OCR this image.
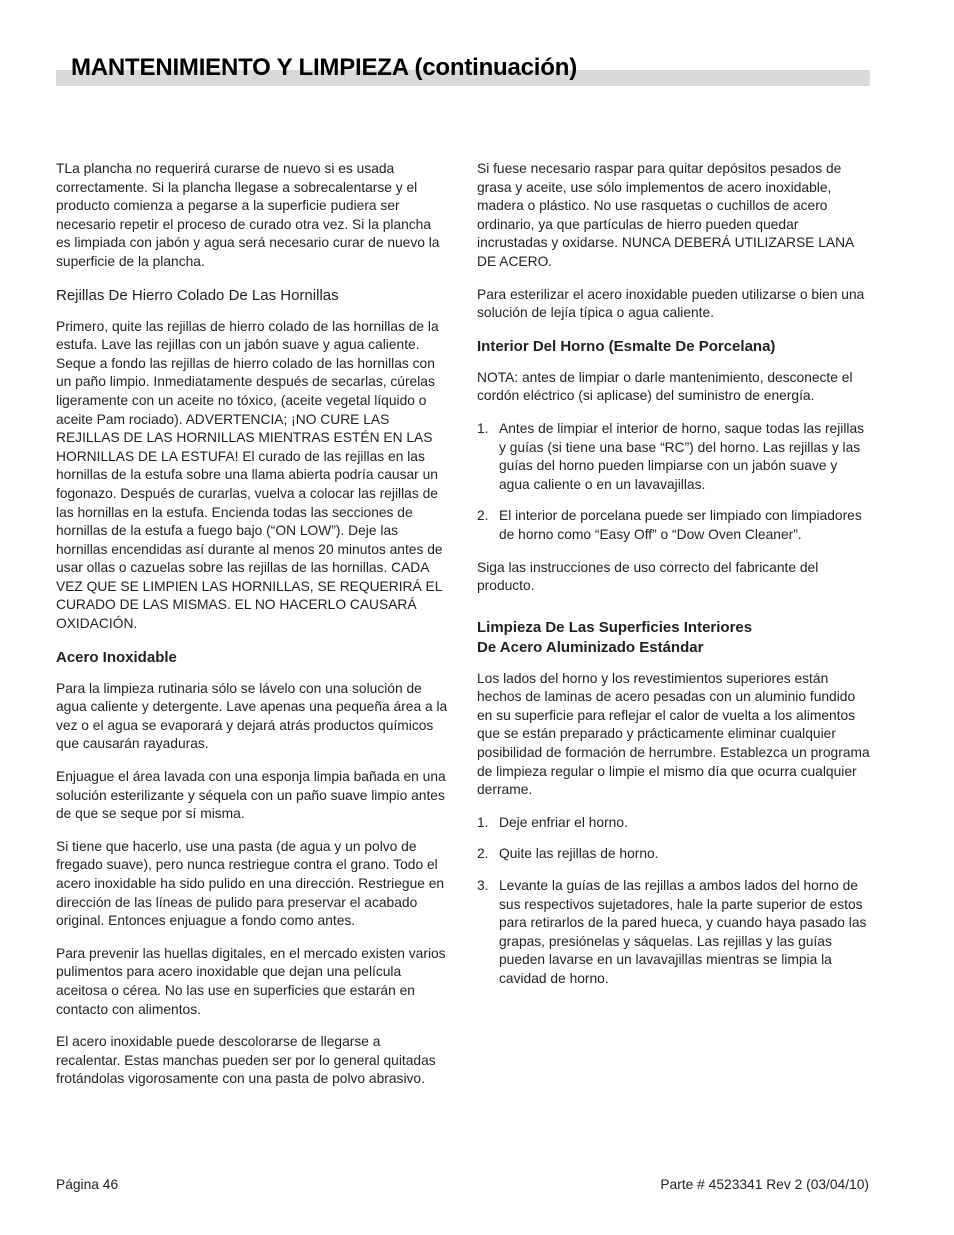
MANTENIMIENTO Y LIMPIEZA (continuación)

TLa plancha no requerirá curarse de nuevo si es usada correctamente. Si la plancha llegase a sobrecalentarse y el producto comienza a pegarse a la superficie pudiera ser necesario repetir el proceso de curado otra vez. Si la plancha es limpiada con jabón y agua será necesario curar de nuevo la superficie de la plancha.

Rejillas De Hierro Colado De Las Hornillas

Primero, quite las rejillas de hierro colado de las hornillas de la estufa. Lave las rejillas con un jabón suave y agua caliente. Seque a fondo las rejillas de hierro colado de las hornillas con un paño limpio. Inmediatamente después de secarlas, cúrelas ligeramente con un aceite no tóxico, (aceite vegetal líquido o aceite Pam rociado). ADVERTENCIA; ¡NO CURE LAS REJILLAS DE LAS HORNILLAS MIENTRAS ESTÉN EN LAS HORNILLAS DE LA ESTUFA! El curado de las rejillas en las hornillas de la estufa sobre una llama abierta podría causar un fogonazo. Después de curarlas, vuelva a colocar las rejillas de las hornillas en la estufa. Encienda todas las secciones de hornillas de la estufa a fuego bajo (“ON LOW”). Deje las hornillas encendidas así durante al menos 20 minutos antes de usar ollas o cazuelas sobre las rejillas de las hornillas. CADA VEZ QUE SE LIMPIEN LAS HORNILLAS, SE REQUERIRÁ EL CURADO DE LAS MISMAS. EL NO HACERLO CAUSARÁ OXIDACIÓN.

Acero Inoxidable

Para la limpieza rutinaria sólo se lávelo con una solución de agua caliente y detergente. Lave apenas una pequeña área a la vez o el agua se evaporará y dejará atrás productos químicos que causarán rayaduras.

Enjuague el área lavada con una esponja limpia bañada en una solución esterilizante y séquela con un paño suave limpio antes de que se seque por sí misma.

Si tiene que hacerlo, use una pasta (de agua y un polvo de fregado suave), pero nunca restriegue contra el grano. Todo el acero inoxidable ha sido pulido en una dirección. Restriegue en dirección de las líneas de pulido para preservar el acabado original. Entonces enjuague a fondo como antes.

Para prevenir las huellas digitales, en el mercado existen varios pulimentos para acero inoxidable que dejan una película aceitosa o cérea. No las use en superficies que estarán en contacto con alimentos.

El acero inoxidable puede descolorarse de llegarse a recalentar. Estas manchas pueden ser por lo general quitadas frotándolas vigorosamente con una pasta de polvo abrasivo.

Si fuese necesario raspar para quitar depósitos pesados de grasa y aceite, use sólo implementos de acero inoxidable, madera o plástico. No use rasquetas o cuchillos de acero ordinario, ya que partículas de hierro pueden quedar incrustadas y oxidarse. NUNCA DEBERÁ UTILIZARSE LANA DE ACERO.

Para esterilizar el acero inoxidable pueden utilizarse o bien una solución de lejía típica o agua caliente.

Interior Del Horno (Esmalte De Porcelana)

NOTA: antes de limpiar o darle mantenimiento, desconecte el cordón eléctrico (si aplicase) del suministro de energía.

1. Antes de limpiar el interior de horno, saque todas las rejillas y guías (si tiene una base “RC”) del horno. Las rejillas y las guías del horno pueden limpiarse con un jabón suave y agua caliente o en un lavavajillas.
2. El interior de porcelana puede ser limpiado con limpiadores de horno como “Easy Off” o “Dow Oven Cleaner”.

Siga las instrucciones de uso correcto del fabricante del producto.

Limpieza De Las Superficies Interiores
De Acero Aluminizado Estándar

Los lados del horno y los revestimientos superiores están hechos de laminas de acero pesadas con un aluminio fundido en su superficie para reflejar el calor de vuelta a los alimentos que se están preparado y prácticamente eliminar cualquier posibilidad de formación de herrumbre. Establezca un programa de limpieza regular o limpie el mismo día que ocurra cualquier derrame.

1. Deje enfriar el horno.
2. Quite las rejillas de horno.
3. Levante la guías de las rejillas a ambos lados del horno de sus respectivos sujetadores, hale la parte superior de estos para retirarlos de la pared hueca, y cuando haya pasado las grapas, presiónelas y sáquelas. Las rejillas y las guías pueden lavarse en un lavavajillas mientras se limpia la cavidad de horno.
Página 46	Parte # 4523341 Rev 2 (03/04/10)
